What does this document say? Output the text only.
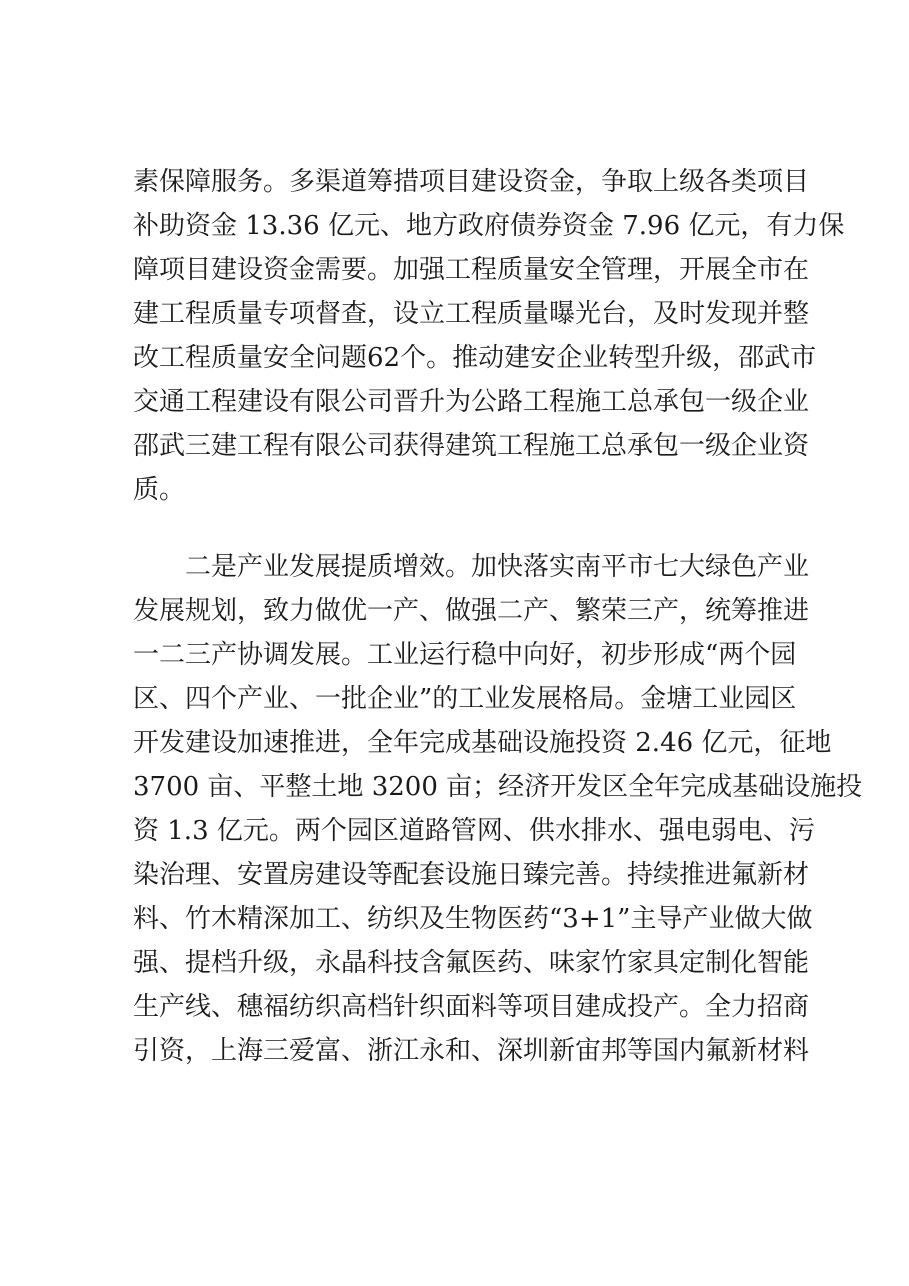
素保障服务。多渠道筹措项目建设资金，争取上级各类项目
补助资金 13.36 亿元、地方政府债券资金 7.96 亿元，有力保
障项目建设资金需要。加强工程质量安全管理，开展全市在
建工程质量专项督查，设立工程质量曝光台，及时发现并整
改工程质量安全问题62个。推动建安企业转型升级，邵武市
交通工程建设有限公司晋升为公路工程施工总承包一级企业
邵武三建工程有限公司获得建筑工程施工总承包一级企业资
质。
二是产业发展提质增效。加快落实南平市七大绿色产业
发展规划，致力做优一产、做强二产、繁荣三产，统筹推进
一二三产协调发展。工业运行稳中向好，初步形成“两个园
区、四个产业、一批企业”的工业发展格局。金塘工业园区
开发建设加速推进，全年完成基础设施投资 2.46 亿元，征地
3700 亩、平整土地 3200 亩；经济开发区全年完成基础设施投
资 1.3 亿元。两个园区道路管网、供水排水、强电弱电、污
染治理、安置房建设等配套设施日臻完善。持续推进氟新材
料、竹木精深加工、纺织及生物医药“3+1”主导产业做大做
强、提档升级，永晶科技含氟医药、味家竹家具定制化智能
生产线、穗福纺织高档针织面料等项目建成投产。全力招商
引资，上海三爱富、浙江永和、深圳新宙邦等国内氟新材料
